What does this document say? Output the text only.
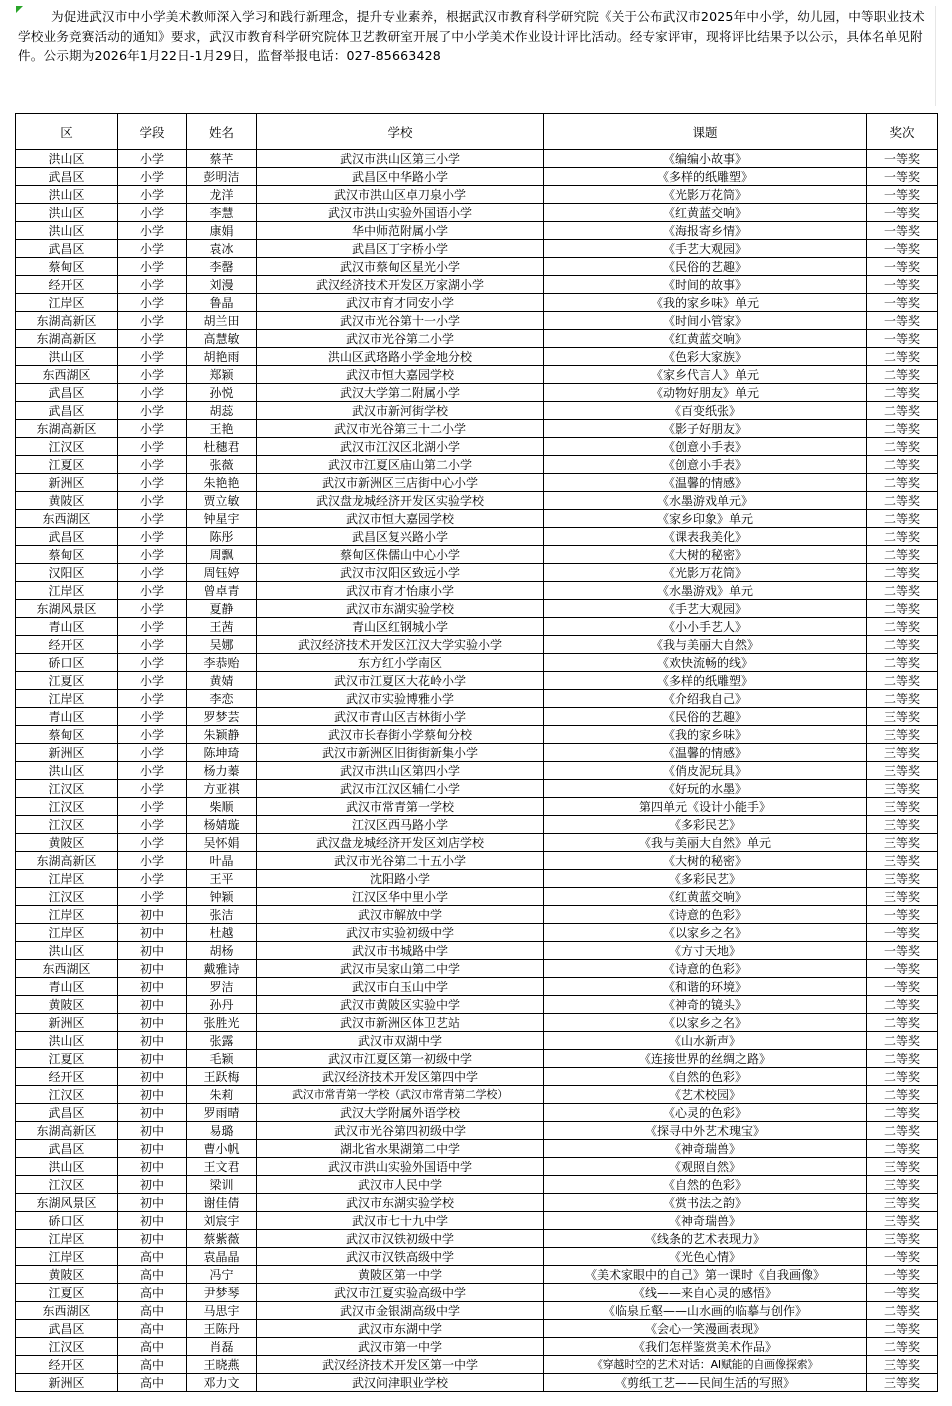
为促进武汉市中小学美术教师深入学习和践行新理念，提升专业素养，根据武汉市教育科学研究院《关于公布武汉市2025年中小学，幼儿园，中等职业技术学校业务竞赛活动的通知》要求，武汉市教育科学研究院体卫艺教研室开展了中小学美术作业设计评比活动。经专家评审，现将评比结果予以公示，具体名单见附件。公示期为2026年1月22日-1月29日，监督举报电话：027-85663428
区	学段	姓名	学校	课题	奖次
洪山区	小学	蔡芊	武汉市洪山区第三小学	《编编小故事》	一等奖
武昌区	小学	彭明洁	武昌区中华路小学	《多样的纸雕塑》	一等奖
洪山区	小学	龙洋	武汉市洪山区卓刀泉小学	《光影万花筒》	一等奖
洪山区	小学	李慧	武汉市洪山实验外国语小学	《红黄蓝交响》	一等奖
洪山区	小学	康娟	华中师范附属小学	《海报寄乡情》	一等奖
武昌区	小学	袁冰	武昌区丁字桥小学	《手艺大观园》	一等奖
蔡甸区	小学	李罄	武汉市蔡甸区星光小学	《民俗的艺趣》	一等奖
经开区	小学	刘漫	武汉经济技术开发区万家湖小学	《时间的故事》	一等奖
江岸区	小学	鲁晶	武汉市育才同安小学	《我的家乡味》单元	一等奖
东湖高新区	小学	胡兰田	武汉市光谷第十一小学	《时间小管家》	一等奖
东湖高新区	小学	高慧敏	武汉市光谷第二小学	《红黄蓝交响》	一等奖
洪山区	小学	胡艳雨	洪山区武珞路小学金地分校	《色彩大家族》	二等奖
东西湖区	小学	郑颖	武汉市恒大嘉园学校	《家乡代言人》单元	二等奖
武昌区	小学	孙悦	武汉大学第二附属小学	《动物好朋友》单元	二等奖
武昌区	小学	胡蕊	武汉市新河街学校	《百变纸张》	二等奖
东湖高新区	小学	王艳	武汉市光谷第三十二小学	《影子好朋友》	二等奖
江汉区	小学	杜穗君	武汉市江汉区北湖小学	《创意小手表》	二等奖
江夏区	小学	张薇	武汉市江夏区庙山第二小学	《创意小手表》	二等奖
新洲区	小学	朱艳艳	武汉市新洲区三店街中心小学	《温馨的情感》	二等奖
黄陂区	小学	贾立敏	武汉盘龙城经济开发区实验学校	《水墨游戏单元》	二等奖
东西湖区	小学	钟星宇	武汉市恒大嘉园学校	《家乡印象》单元	二等奖
武昌区	小学	陈彤	武昌区复兴路小学	《课表我美化》	二等奖
蔡甸区	小学	周飘	蔡甸区侏儒山中心小学	《大树的秘密》	二等奖
汉阳区	小学	周钰婷	武汉市汉阳区致远小学	《光影万花筒》	二等奖
江岸区	小学	曾卓青	武汉市育才怡康小学	《水墨游戏》单元	二等奖
东湖风景区	小学	夏静	武汉市东湖实验学校	《手艺大观园》	二等奖
青山区	小学	王茜	青山区红钢城小学	《小小手艺人》	二等奖
经开区	小学	吴娜	武汉经济技术开发区江汉大学实验小学	《我与美丽大自然》	二等奖
硚口区	小学	李恭贻	东方红小学南区	《欢快流畅的线》	二等奖
江夏区	小学	黄婧	武汉市江夏区大花岭小学	《多样的纸雕塑》	二等奖
江岸区	小学	李恋	武汉市实验博雅小学	《介绍我自己》	二等奖
青山区	小学	罗梦芸	武汉市青山区吉林街小学	《民俗的艺趣》	三等奖
蔡甸区	小学	朱颖静	武汉市长春街小学蔡甸分校	《我的家乡味》	三等奖
新洲区	小学	陈坤琦	武汉市新洲区旧街街新集小学	《温馨的情感》	三等奖
洪山区	小学	杨力蓁	武汉市洪山区第四小学	《俏皮泥玩具》	三等奖
江汉区	小学	方亚祺	武汉市江汉区辅仁小学	《好玩的水墨》	三等奖
江汉区	小学	柴顺	武汉市常青第一学校	第四单元《设计小能手》	三等奖
江汉区	小学	杨婧璇	江汉区西马路小学	《多彩民艺》	三等奖
黄陂区	小学	吴怀娟	武汉盘龙城经济开发区刘店学校	《我与美丽大自然》单元	三等奖
东湖高新区	小学	叶晶	武汉市光谷第二十五小学	《大树的秘密》	三等奖
江岸区	小学	王平	沈阳路小学	《多彩民艺》	三等奖
江汉区	小学	钟颖	江汉区华中里小学	《红黄蓝交响》	三等奖
江岸区	初中	张洁	武汉市解放中学	《诗意的色彩》	一等奖
江岸区	初中	杜越	武汉市实验初级中学	《以家乡之名》	一等奖
洪山区	初中	胡杨	武汉市书城路中学	《方寸天地》	一等奖
东西湖区	初中	戴雅诗	武汉市吴家山第二中学	《诗意的色彩》	一等奖
青山区	初中	罗洁	武汉市白玉山中学	《和谐的环境》	一等奖
黄陂区	初中	孙丹	武汉市黄陂区实验中学	《神奇的镜头》	二等奖
新洲区	初中	张胜光	武汉市新洲区体卫艺站	《以家乡之名》	二等奖
洪山区	初中	张露	武汉市双湖中学	《山水新声》	二等奖
江夏区	初中	毛颖	武汉市江夏区第一初级中学	《连接世界的丝绸之路》	二等奖
经开区	初中	王跃梅	武汉经济技术开发区第四中学	《自然的色彩》	二等奖
江汉区	初中	朱莉	武汉市常青第一学校（武汉市常青第二学校）	《艺术校园》	二等奖
武昌区	初中	罗雨晴	武汉大学附属外语学校	《心灵的色彩》	二等奖
东湖高新区	初中	易璐	武汉市光谷第四初级中学	《探寻中外艺术瑰宝》	二等奖
武昌区	初中	曹小帆	湖北省水果湖第二中学	《神奇瑞兽》	二等奖
洪山区	初中	王文君	武汉市洪山实验外国语中学	《观照自然》	三等奖
江汉区	初中	梁训	武汉市人民中学	《自然的色彩》	三等奖
东湖风景区	初中	谢佳倩	武汉市东湖实验学校	《赏书法之韵》	三等奖
硚口区	初中	刘宸宇	武汉市七十九中学	《神奇瑞兽》	三等奖
江岸区	初中	蔡紫薇	武汉市汉铁初级中学	《线条的艺术表现力》	三等奖
江岸区	高中	袁晶晶	武汉市汉铁高级中学	《光色心情》	一等奖
黄陂区	高中	冯宁	黄陂区第一中学	《美术家眼中的自己》第一课时《自我画像》	一等奖
江夏区	高中	尹梦琴	武汉市江夏实验高级中学	《线——来自心灵的感悟》	一等奖
东西湖区	高中	马思宇	武汉市金银湖高级中学	《临泉丘壑——山水画的临摹与创作》	二等奖
武昌区	高中	王陈丹	武汉市东湖中学	《会心一笑漫画表现》	二等奖
江汉区	高中	肖磊	武汉市第一中学	《我们怎样鉴赏美术作品》	二等奖
经开区	高中	王晓燕	武汉经济技术开发区第一中学	《穿越时空的艺术对话：AI赋能的自画像探索》	三等奖
新洲区	高中	邓力文	武汉问津职业学校	《剪纸工艺——民间生活的写照》	三等奖
